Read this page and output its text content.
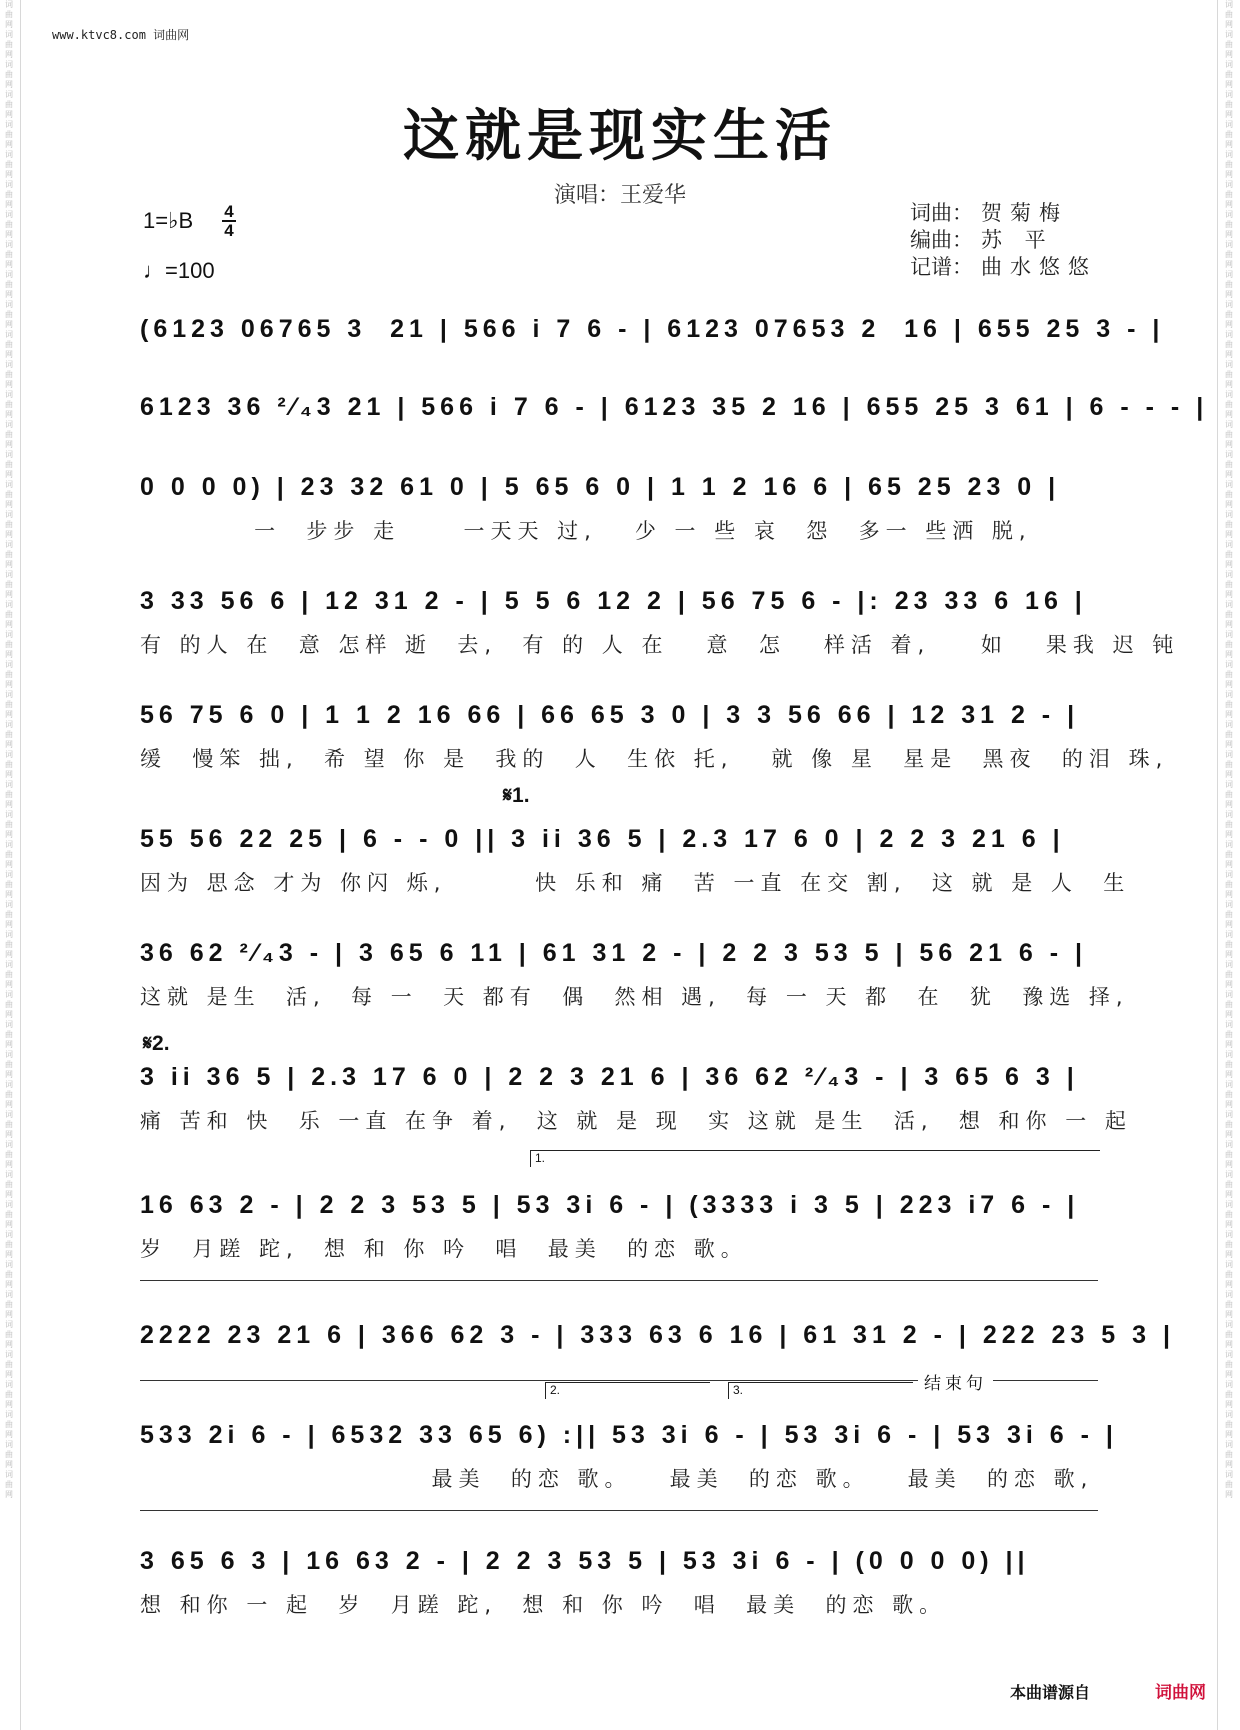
词曲网词曲网词曲网词曲网词曲网词曲网词曲网词曲网词曲网词曲网词曲网词曲网词曲网词曲网词曲网词曲网词曲网词曲网词曲网词曲网词曲网词曲网词曲网词曲网词曲网词曲网词曲网词曲网词曲网词曲网词曲网词曲网词曲网词曲网词曲网词曲网词曲网词曲网词曲网词曲网词曲网词曲网词曲网词曲网词曲网词曲网词曲网词曲网词曲网词曲网
词曲网词曲网词曲网词曲网词曲网词曲网词曲网词曲网词曲网词曲网词曲网词曲网词曲网词曲网词曲网词曲网词曲网词曲网词曲网词曲网词曲网词曲网词曲网词曲网词曲网词曲网词曲网词曲网词曲网词曲网词曲网词曲网词曲网词曲网词曲网词曲网词曲网词曲网词曲网词曲网词曲网词曲网词曲网词曲网词曲网词曲网词曲网词曲网词曲网词曲网
www.ktvc8.com 词曲网
这就是现实生活
演唱：王爱华
1=♭B 4
4
♩=100
词曲： 贺菊梅
编曲： 苏 平
记谱： 曲水悠悠
(6123 06765 3  21 | 566 i 7 6 - | 6123 07653 2  16 | 655 25 3 - |
6123 36 ²⁄₄3 21 | 566 i 7 6 - | 6123 35 2 16 | 655 25 3 61 | 6 - - - |
0 0 0 0) | 23 32 61 0 | 5 65 6 0 | 1 1 2 16 6 | 65 25 23 0 |
一  步步 走     一天天 过,   少 一 些 哀  怨  多一 些洒 脱,
3 33 56 6 | 12 31 2 - | 5 5 6 12 2 | 56 75 6 - |: 23 33 6 16 |
有 的人 在  意 怎样 逝  去,  有 的 人 在   意  怎   样活 着,    如   果我 迟 钝
56 75 6 0 | 1 1 2 16 66 | 66 65 3 0 | 3 3 56 66 | 12 31 2 - |
缓  慢笨 拙,  希 望 你 是  我的  人  生依 托,   就 像 星  星是  黑夜  的泪 珠,
𝄋1.
55 56 22 25 | 6 - - 0 || 3 ii 36 5 | 2.3 17 6 0 | 2 2 3 21 6 |
因为 思念 才为 你闪 烁,       快 乐和 痛  苦 一直 在交 割,  这 就 是 人  生
36 62 ²⁄₄3 - | 3 65 6 11 | 61 31 2 - | 2 2 3 53 5 | 56 21 6 - |
这就 是生  活,  每 一  天 都有  偶  然相 遇,  每 一 天 都  在  犹  豫选 择,
𝄋2.
3 ii 36 5 | 2.3 17 6 0 | 2 2 3 21 6 | 36 62 ²⁄₄3 - | 3 65 6 3 |
痛 苦和 快  乐 一直 在争 着,  这 就 是 现  实 这就 是生  活,  想 和你 一 起
1.
16 63 2 - | 2 2 3 53 5 | 53 3i 6 - | (3333 i 3 5 | 223 i7 6 - |
岁  月蹉 跎,  想 和 你 吟  唱  最美  的恋 歌。
2222 23 21 6 | 366 62 3 - | 333 63 6 16 | 61 31 2 - | 222 23 5 3 |
结束句
2.	3.
533 2i 6 - | 6532 33 65 6) :|| 53 3i 6 - | 53 3i 6 - | 53 3i 6 - |
最美  的恋 歌。   最美  的恋 歌。   最美  的恋 歌,
3 65 6 3 | 16 63 2 - | 2 2 3 53 5 | 53 3i 6 - | (0 0 0 0) ||
想 和你 一 起  岁  月蹉 跎,  想 和 你 吟  唱  最美  的恋 歌。
本曲谱源自	词曲网
